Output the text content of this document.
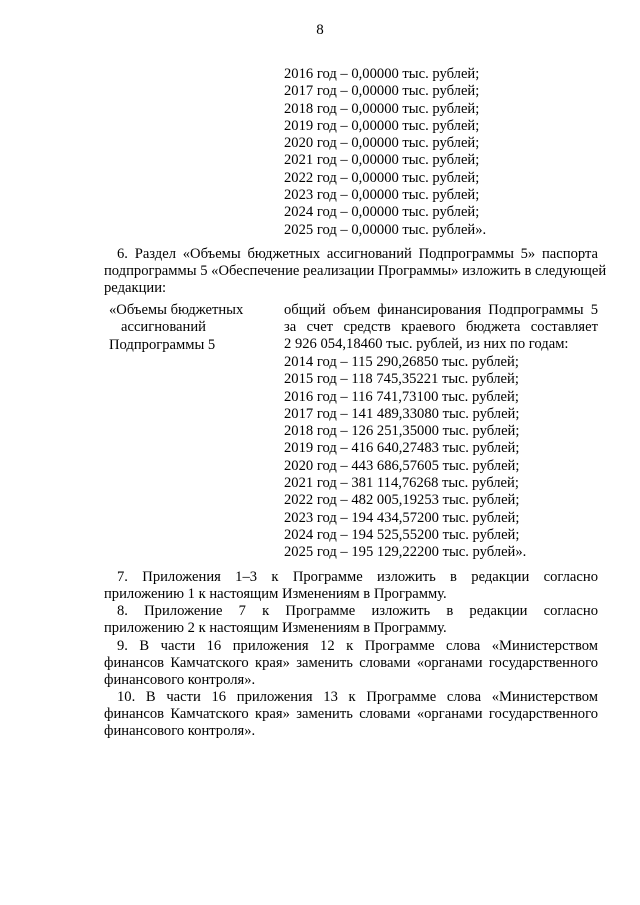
8
2016 год – 0,00000 тыс. рублей;
2017 год – 0,00000 тыс. рублей;
2018 год – 0,00000 тыс. рублей;
2019 год – 0,00000 тыс. рублей;
2020 год – 0,00000 тыс. рублей;
2021 год – 0,00000 тыс. рублей;
2022 год – 0,00000 тыс. рублей;
2023 год – 0,00000 тыс. рублей;
2024 год – 0,00000 тыс. рублей;
2025 год – 0,00000 тыс. рублей».
6. Раздел «Объемы бюджетных ассигнований Подпрограммы 5» паспорта
подпрограммы 5 «Обеспечение реализации Программы» изложить в следующей
редакции:
«Объемы бюджетных
ассигнований
Подпрограммы 5
общий объем финансирования Подпрограммы 5
за счет средств краевого бюджета составляет
2 926 054,18460 тыс. рублей, из них по годам:
2014 год – 115 290,26850 тыс. рублей;
2015 год – 118 745,35221 тыс. рублей;
2016 год – 116 741,73100 тыс. рублей;
2017 год – 141 489,33080 тыс. рублей;
2018 год – 126 251,35000 тыс. рублей;
2019 год – 416 640,27483 тыс. рублей;
2020 год – 443 686,57605 тыс. рублей;
2021 год – 381 114,76268 тыс. рублей;
2022 год – 482 005,19253 тыс. рублей;
2023 год – 194 434,57200 тыс. рублей;
2024 год – 194 525,55200 тыс. рублей;
2025 год – 195 129,22200 тыс. рублей».
7. Приложения 1–3 к Программе изложить в редакции согласно
приложению 1 к настоящим Изменениям в Программу.
8. Приложение 7 к Программе изложить в редакции согласно
приложению 2 к настоящим Изменениям в Программу.
9. В части 16 приложения 12 к Программе слова «Министерством
финансов Камчатского края» заменить словами «органами государственного
финансового контроля».
10. В части 16 приложения 13 к Программе слова «Министерством
финансов Камчатского края» заменить словами «органами государственного
финансового контроля».
